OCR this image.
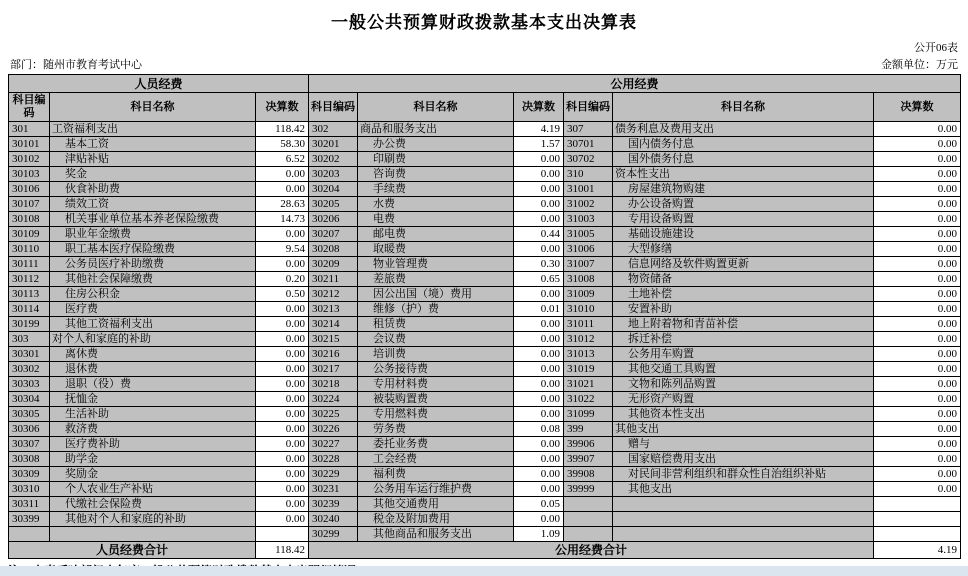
一般公共预算财政拨款基本支出决算表
公开06表
部门：随州市教育考试中心	金额单位：万元
人员经费			公用经费					
科目编码	科目名称	决算数	科目编码	科目名称	决算数	科目编码	科目名称	决算数
301	工资福利支出	118.42	302	商品和服务支出	4.19	307	债务利息及费用支出	0.00
30101	基本工资	58.30	30201	办公费	1.57	30701	国内债务付息	0.00
30102	津贴补贴	6.52	30202	印刷费	0.00	30702	国外债务付息	0.00
30103	奖金	0.00	30203	咨询费	0.00	310	资本性支出	0.00
30106	伙食补助费	0.00	30204	手续费	0.00	31001	房屋建筑物购建	0.00
30107	绩效工资	28.63	30205	水费	0.00	31002	办公设备购置	0.00
30108	机关事业单位基本养老保险缴费	14.73	30206	电费	0.00	31003	专用设备购置	0.00
30109	职业年金缴费	0.00	30207	邮电费	0.44	31005	基础设施建设	0.00
30110	职工基本医疗保险缴费	9.54	30208	取暖费	0.00	31006	大型修缮	0.00
30111	公务员医疗补助缴费	0.00	30209	物业管理费	0.30	31007	信息网络及软件购置更新	0.00
30112	其他社会保障缴费	0.20	30211	差旅费	0.65	31008	物资储备	0.00
30113	住房公积金	0.50	30212	因公出国（境）费用	0.00	31009	土地补偿	0.00
30114	医疗费	0.00	30213	维修（护）费	0.01	31010	安置补助	0.00
30199	其他工资福利支出	0.00	30214	租赁费	0.00	31011	地上附着物和青苗补偿	0.00
303	对个人和家庭的补助	0.00	30215	会议费	0.00	31012	拆迁补偿	0.00
30301	离休费	0.00	30216	培训费	0.00	31013	公务用车购置	0.00
30302	退休费	0.00	30217	公务接待费	0.00	31019	其他交通工具购置	0.00
30303	退职（役）费	0.00	30218	专用材料费	0.00	31021	文物和陈列品购置	0.00
30304	抚恤金	0.00	30224	被装购置费	0.00	31022	无形资产购置	0.00
30305	生活补助	0.00	30225	专用燃料费	0.00	31099	其他资本性支出	0.00
30306	救济费	0.00	30226	劳务费	0.08	399	其他支出	0.00
30307	医疗费补助	0.00	30227	委托业务费	0.00	39906	赠与	0.00
30308	助学金	0.00	30228	工会经费	0.00	39907	国家赔偿费用支出	0.00
30309	奖励金	0.00	30229	福利费	0.00	39908	对民间非营利组织和群众性自治组织补贴	0.00
30310	个人农业生产补贴	0.00	30231	公务用车运行维护费	0.00	39999	其他支出	0.00
30311	代缴社会保险费	0.00	30239	其他交通费用	0.05			
30399	其他对个人和家庭的补助	0.00	30240	税金及附加费用	0.00			
			30299	其他商品和服务支出	1.09			
人员经费合计		118.42	公用经费合计					4.19
